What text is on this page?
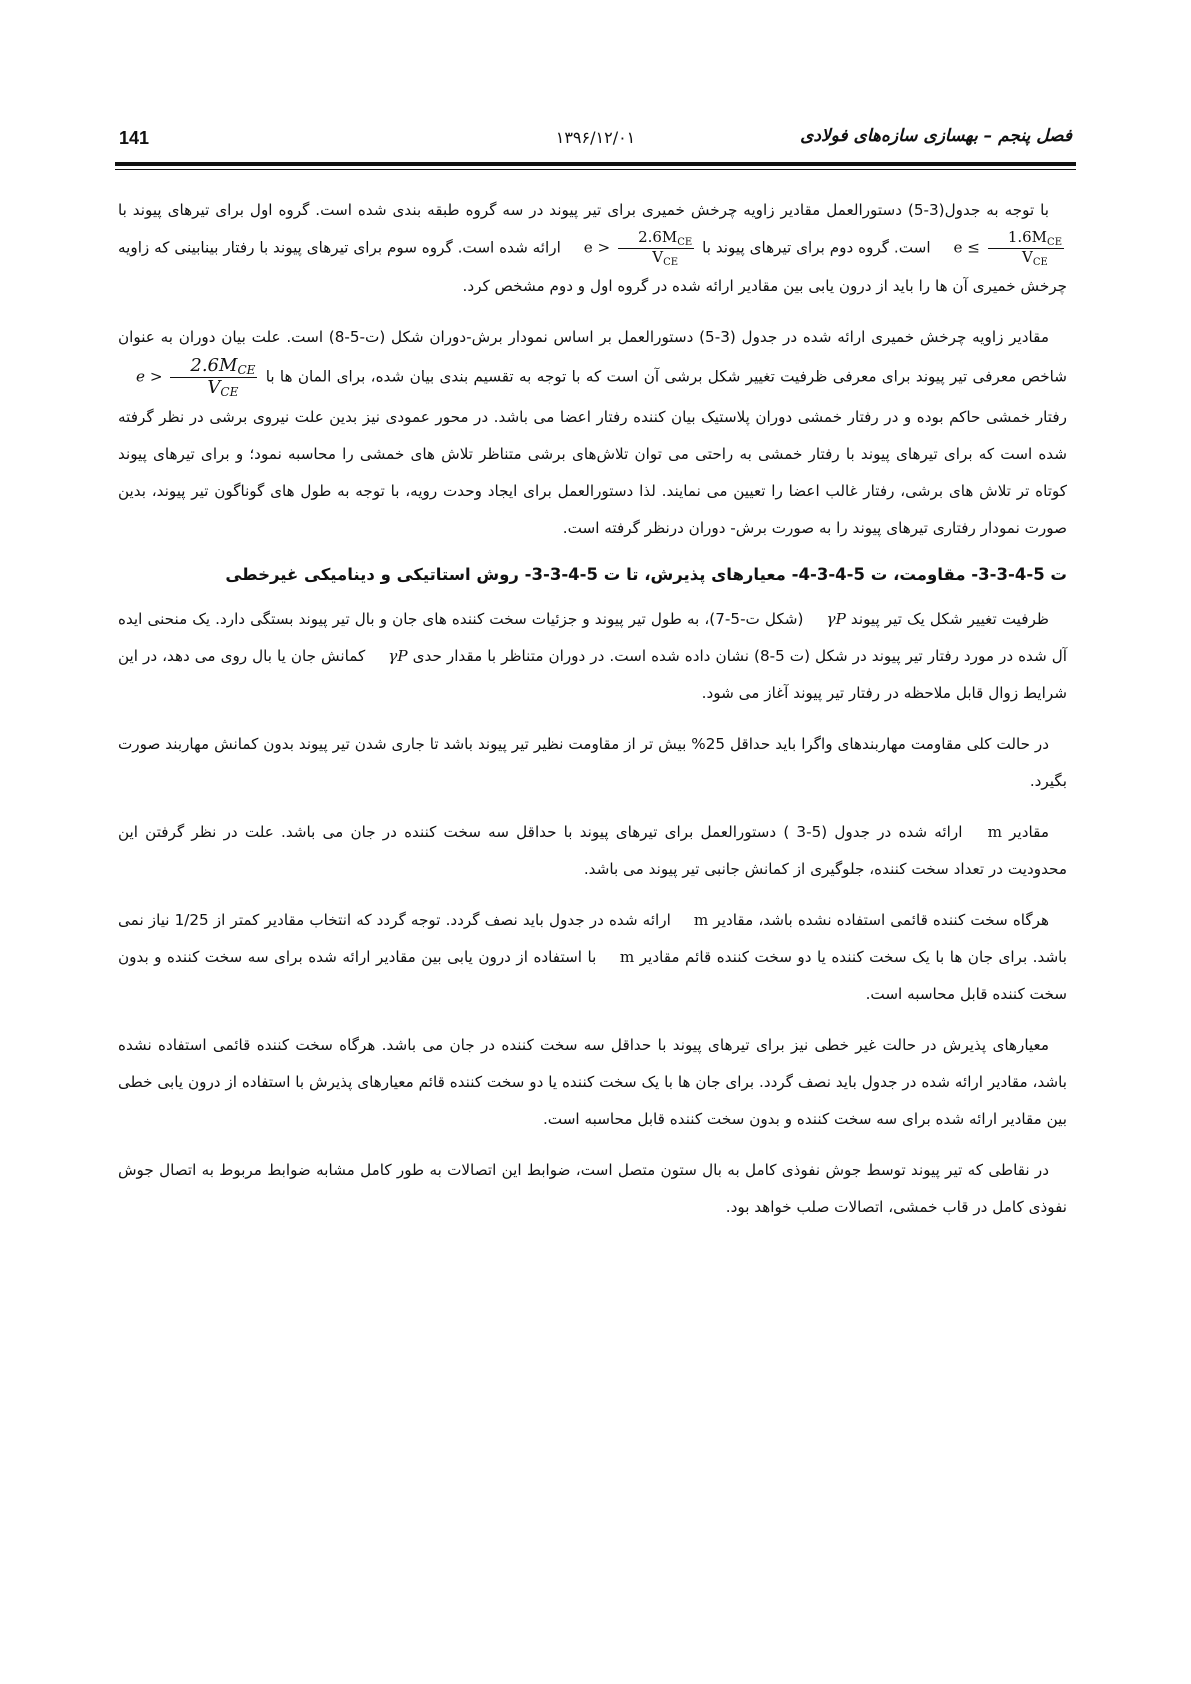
141	۱۳۹۶/۱۲/۰۱	فصل پنجم – بهسازی سازه‌های فولادی

با توجه به جدول(3-5) دستورالعمل مقادیر زاویه چرخش خمیری برای تیر پیوند در سه گروه طبقه بندی شده است. گروه اول برای تیرهای پیوند با $e \le \frac{1.6M_{CE}}{V_{CE}}$
است. گروه دوم برای تیرهای پیوند با $e > \frac{2.6M_{CE}}{V_{CE}}$
ارائه شده است. گروه سوم برای تیرهای پیوند با رفتار بینابینی که زاویه چرخش خمیری آن ها را باید از درون یابی بین مقادیر ارائه شده در گروه اول و دوم مشخص کرد.

مقادیر زاویه چرخش خمیری ارائه شده در جدول (3-5) دستورالعمل بر اساس نمودار برش-دوران شکل (ت-5-8) است. علت بیان دوران به عنوان شاخص معرفی تیر پیوند برای معرفی ظرفیت تغییر شکل برشی آن است که با توجه به تقسیم بندی بیان شده، برای المان ها با $e > \frac{2.6M_{CE}}{V_{CE}}$
رفتار خمشی حاکم بوده و در رفتار خمشی دوران پلاستیک بیان کننده رفتار اعضا می باشد. در محور عمودی نیز بدین علت نیروی برشی در نظر گرفته شده است که برای تیرهای پیوند با رفتار خمشی به راحتی می توان تلاش‌های برشی متناظر تلاش های خمشی را محاسبه نمود؛ و برای تیرهای پیوند کوتاه تر تلاش های برشی، رفتار غالب اعضا را تعیین می نمایند. لذا دستورالعمل برای ایجاد وحدت رویه، با توجه به طول های گوناگون تیر پیوند، بدین صورت نمودار رفتاری تیرهای پیوند را به صورت برش- دوران درنظر گرفته است.

ت 5-4-3-3- مقاومت، ت 5-4-3-4- معیارهای پذیرش، تا ت 5-4-3-3- روش استاتیکی و دینامیکی غیرخطی

ظرفیت تغییر شکل یک تیر پیوند γP (شکل ت-5-7)، به طول تیر پیوند و جزئیات سخت کننده های جان و بال تیر پیوند بستگی دارد. یک منحنی ایده آل شده در مورد رفتار تیر پیوند در شکل (ت 5-8) نشان داده شده است. در دوران متناظر با مقدار حدی γP کمانش جان یا بال روی می دهد، در این شرایط زوال قابل ملاحظه در رفتار تیر پیوند آغاز می شود.

در حالت کلی مقاومت مهاربندهای واگرا باید حداقل 25% بیش تر از مقاومت نظیر تیر پیوند باشد تا جاری شدن تیر پیوند بدون کمانش مهاربند صورت بگیرد.

مقادیر m ارائه شده در جدول (5-3 ) دستورالعمل برای تیرهای پیوند با حداقل سه سخت کننده در جان می باشد. علت در نظر گرفتن این محدودیت در تعداد سخت کننده، جلوگیری از کمانش جانبی تیر پیوند می باشد.

هرگاه سخت کننده قائمی استفاده نشده باشد، مقادیر m ارائه شده در جدول باید نصف گردد. توجه گردد که انتخاب مقادیر کمتر از 1/25 نیاز نمی باشد. برای جان ها با یک سخت کننده یا دو سخت کننده قائم مقادیر m با استفاده از درون یابی بین مقادیر ارائه شده برای سه سخت کننده و بدون سخت کننده قابل محاسبه است.

معیارهای پذیرش در حالت غیر خطی نیز برای تیرهای پیوند با حداقل سه سخت کننده در جان می باشد. هرگاه سخت کننده قائمی استفاده نشده باشد، مقادیر ارائه شده در جدول باید نصف گردد. برای جان ها با یک سخت کننده یا دو سخت کننده قائم معیارهای پذیرش با استفاده از درون یابی خطی بین مقادیر ارائه شده برای سه سخت کننده و بدون سخت کننده قابل محاسبه است.

در نقاطی که تیر پیوند توسط جوش نفوذی کامل به بال ستون متصل است، ضوابط این اتصالات به طور کامل مشابه ضوابط مربوط به اتصال جوش نفوذی کامل در قاب خمشی، اتصالات صلب خواهد بود.
